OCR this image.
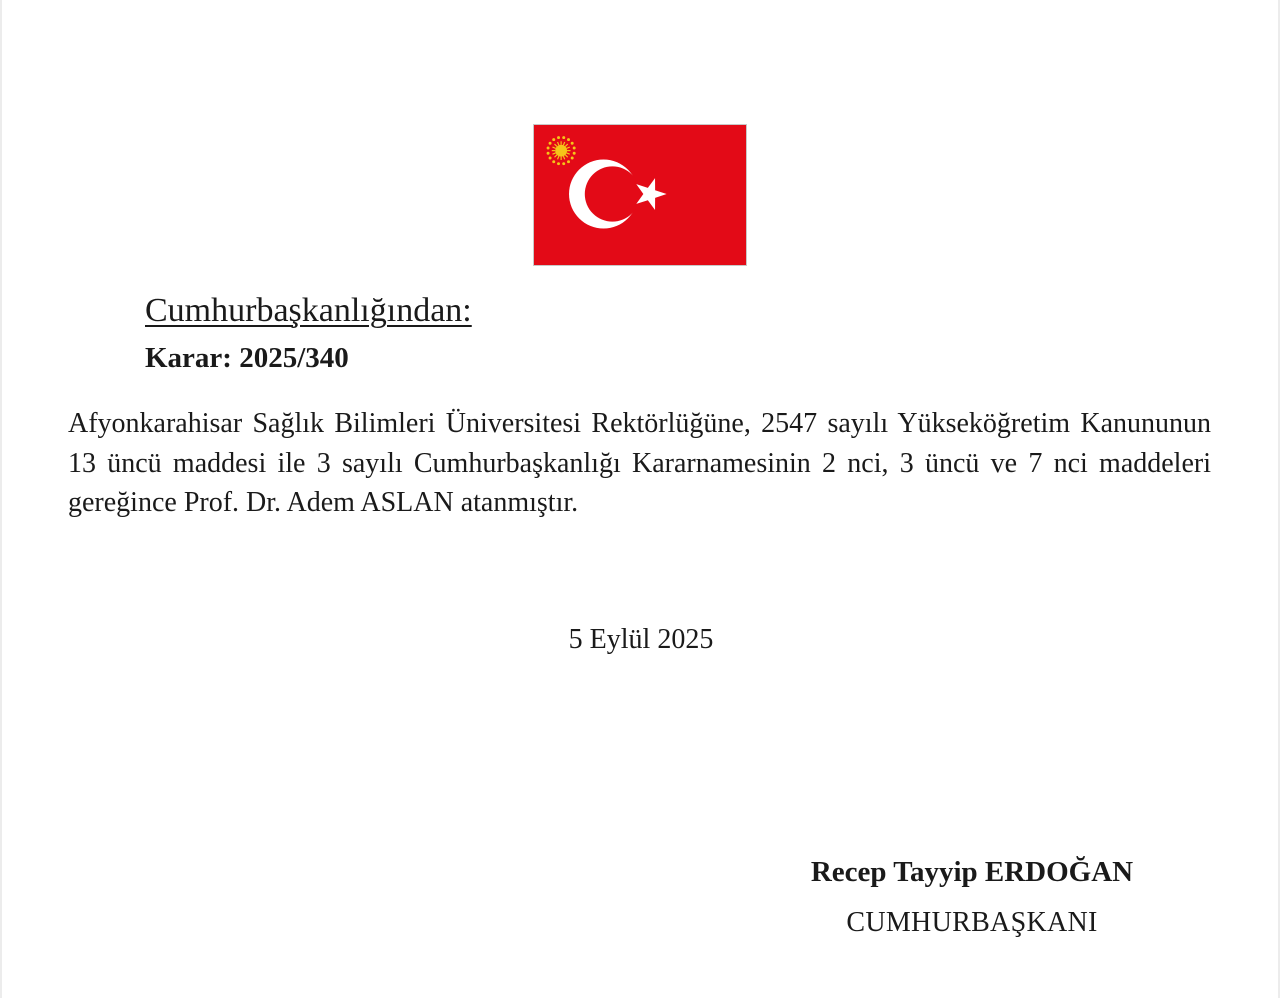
Cumhurbaşkanlığından:
Karar: 2025/340
Afyonkarahisar Sağlık Bilimleri Üniversitesi Rektörlüğüne, 2547 sayılı Yükseköğretim Kanununun 13 üncü maddesi ile 3 sayılı Cumhurbaşkanlığı Kararnamesinin 2 nci, 3 üncü ve 7 nci maddeleri gereğince Prof. Dr. Adem ASLAN atanmıştır.
5 Eylül 2025
Recep Tayyip ERDOĞAN
CUMHURBAŞKANI
